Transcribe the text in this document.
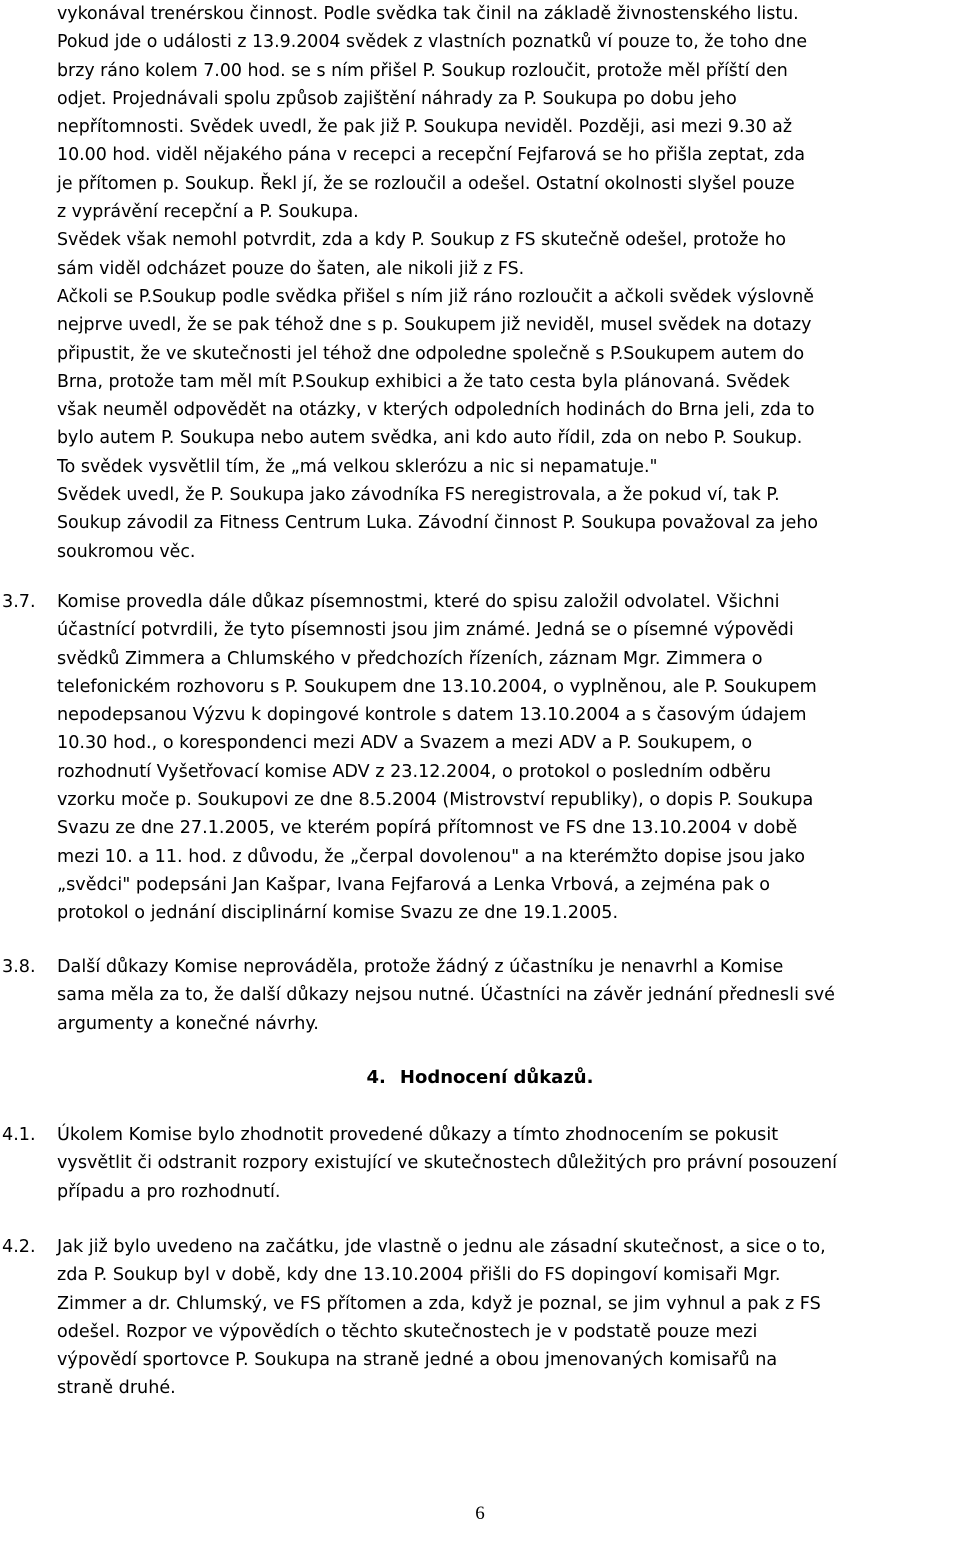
vykonával trenérskou činnost. Podle svědka tak činil na základě živnostenského listu.
Pokud jde o události z 13.9.2004 svědek z vlastních poznatků ví pouze to, že toho dne
brzy ráno kolem 7.00 hod. se s ním přišel P. Soukup rozloučit, protože měl příští den
odjet. Projednávali spolu způsob zajištění náhrady za P. Soukupa po dobu jeho
nepřítomnosti. Svědek uvedl, že pak již P. Soukupa neviděl. Později, asi mezi 9.30 až
10.00 hod. viděl nějakého pána v recepci a recepční Fejfarová se ho přišla zeptat, zda
je přítomen p. Soukup. Řekl jí, že se rozloučil a odešel. Ostatní okolnosti slyšel pouze
z vyprávění recepční a P. Soukupa.
Svědek však nemohl potvrdit, zda a kdy P. Soukup z FS skutečně odešel, protože ho
sám viděl odcházet pouze do šaten, ale nikoli již z FS.
Ačkoli se P.Soukup podle svědka přišel s ním již ráno rozloučit a ačkoli svědek výslovně
nejprve uvedl, že se pak téhož dne s p. Soukupem již neviděl, musel svědek na dotazy
připustit, že ve skutečnosti jel téhož dne odpoledne společně s P.Soukupem autem do
Brna, protože tam měl mít P.Soukup exhibici a že tato cesta byla plánovaná. Svědek
však neuměl odpovědět na otázky, v kterých odpoledních hodinách do Brna jeli, zda to
bylo autem P. Soukupa nebo autem svědka, ani kdo auto řídil, zda on nebo P. Soukup.
To svědek vysvětlil tím, že „má velkou sklerózu a nic si nepamatuje."
Svědek uvedl, že P. Soukupa jako závodníka FS neregistrovala, a že pokud ví, tak P.
Soukup závodil za Fitness Centrum Luka. Závodní činnost P. Soukupa považoval za jeho
soukromou věc.
3.7.	Komise provedla dále důkaz písemnostmi, které do spisu založil odvolatel. Všichni
účastnící potvrdili, že tyto písemnosti jsou jim známé. Jedná se o písemné výpovědi
svědků Zimmera a Chlumského v předchozích řízeních, záznam Mgr. Zimmera o
telefonickém rozhovoru s P. Soukupem dne 13.10.2004, o vyplněnou, ale P. Soukupem
nepodepsanou Výzvu k dopingové kontrole s datem 13.10.2004 a s časovým údajem
10.30 hod., o korespondenci mezi ADV a Svazem a mezi ADV a P. Soukupem, o
rozhodnutí Vyšetřovací komise ADV z 23.12.2004, o protokol o posledním odběru
vzorku moče p. Soukupovi ze dne 8.5.2004 (Mistrovství republiky), o dopis P. Soukupa
Svazu ze dne 27.1.2005, ve kterém popírá přítomnost ve FS dne 13.10.2004 v době
mezi 10. a 11. hod. z důvodu, že „čerpal dovolenou" a na kterémžto dopise jsou jako
„svědci" podepsáni Jan Kašpar, Ivana Fejfarová a Lenka Vrbová, a zejména pak o
protokol o jednání disciplinární komise Svazu ze dne 19.1.2005.
3.8.	Další důkazy Komise neprováděla, protože žádný z účastníku je nenavrhl a Komise
sama měla za to, že další důkazy nejsou nutné. Účastníci na závěr jednání přednesli své
argumenty a konečné návrhy.
4. Hodnocení důkazů.
4.1.	Úkolem Komise bylo zhodnotit provedené důkazy a tímto zhodnocením se pokusit
vysvětlit či odstranit rozpory existující ve skutečnostech důležitých pro právní posouzení
případu a pro rozhodnutí.
4.2.	Jak již bylo uvedeno na začátku, jde vlastně o jednu ale zásadní skutečnost, a sice o to,
zda P. Soukup byl v době, kdy dne 13.10.2004 přišli do FS dopingoví komisaři Mgr.
Zimmer a dr. Chlumský, ve FS přítomen a zda, když je poznal, se jim vyhnul a pak z FS
odešel. Rozpor ve výpovědích o těchto skutečnostech je v podstatě pouze mezi
výpovědí sportovce P. Soukupa na straně jedné a obou jmenovaných komisařů na
straně druhé.
6
